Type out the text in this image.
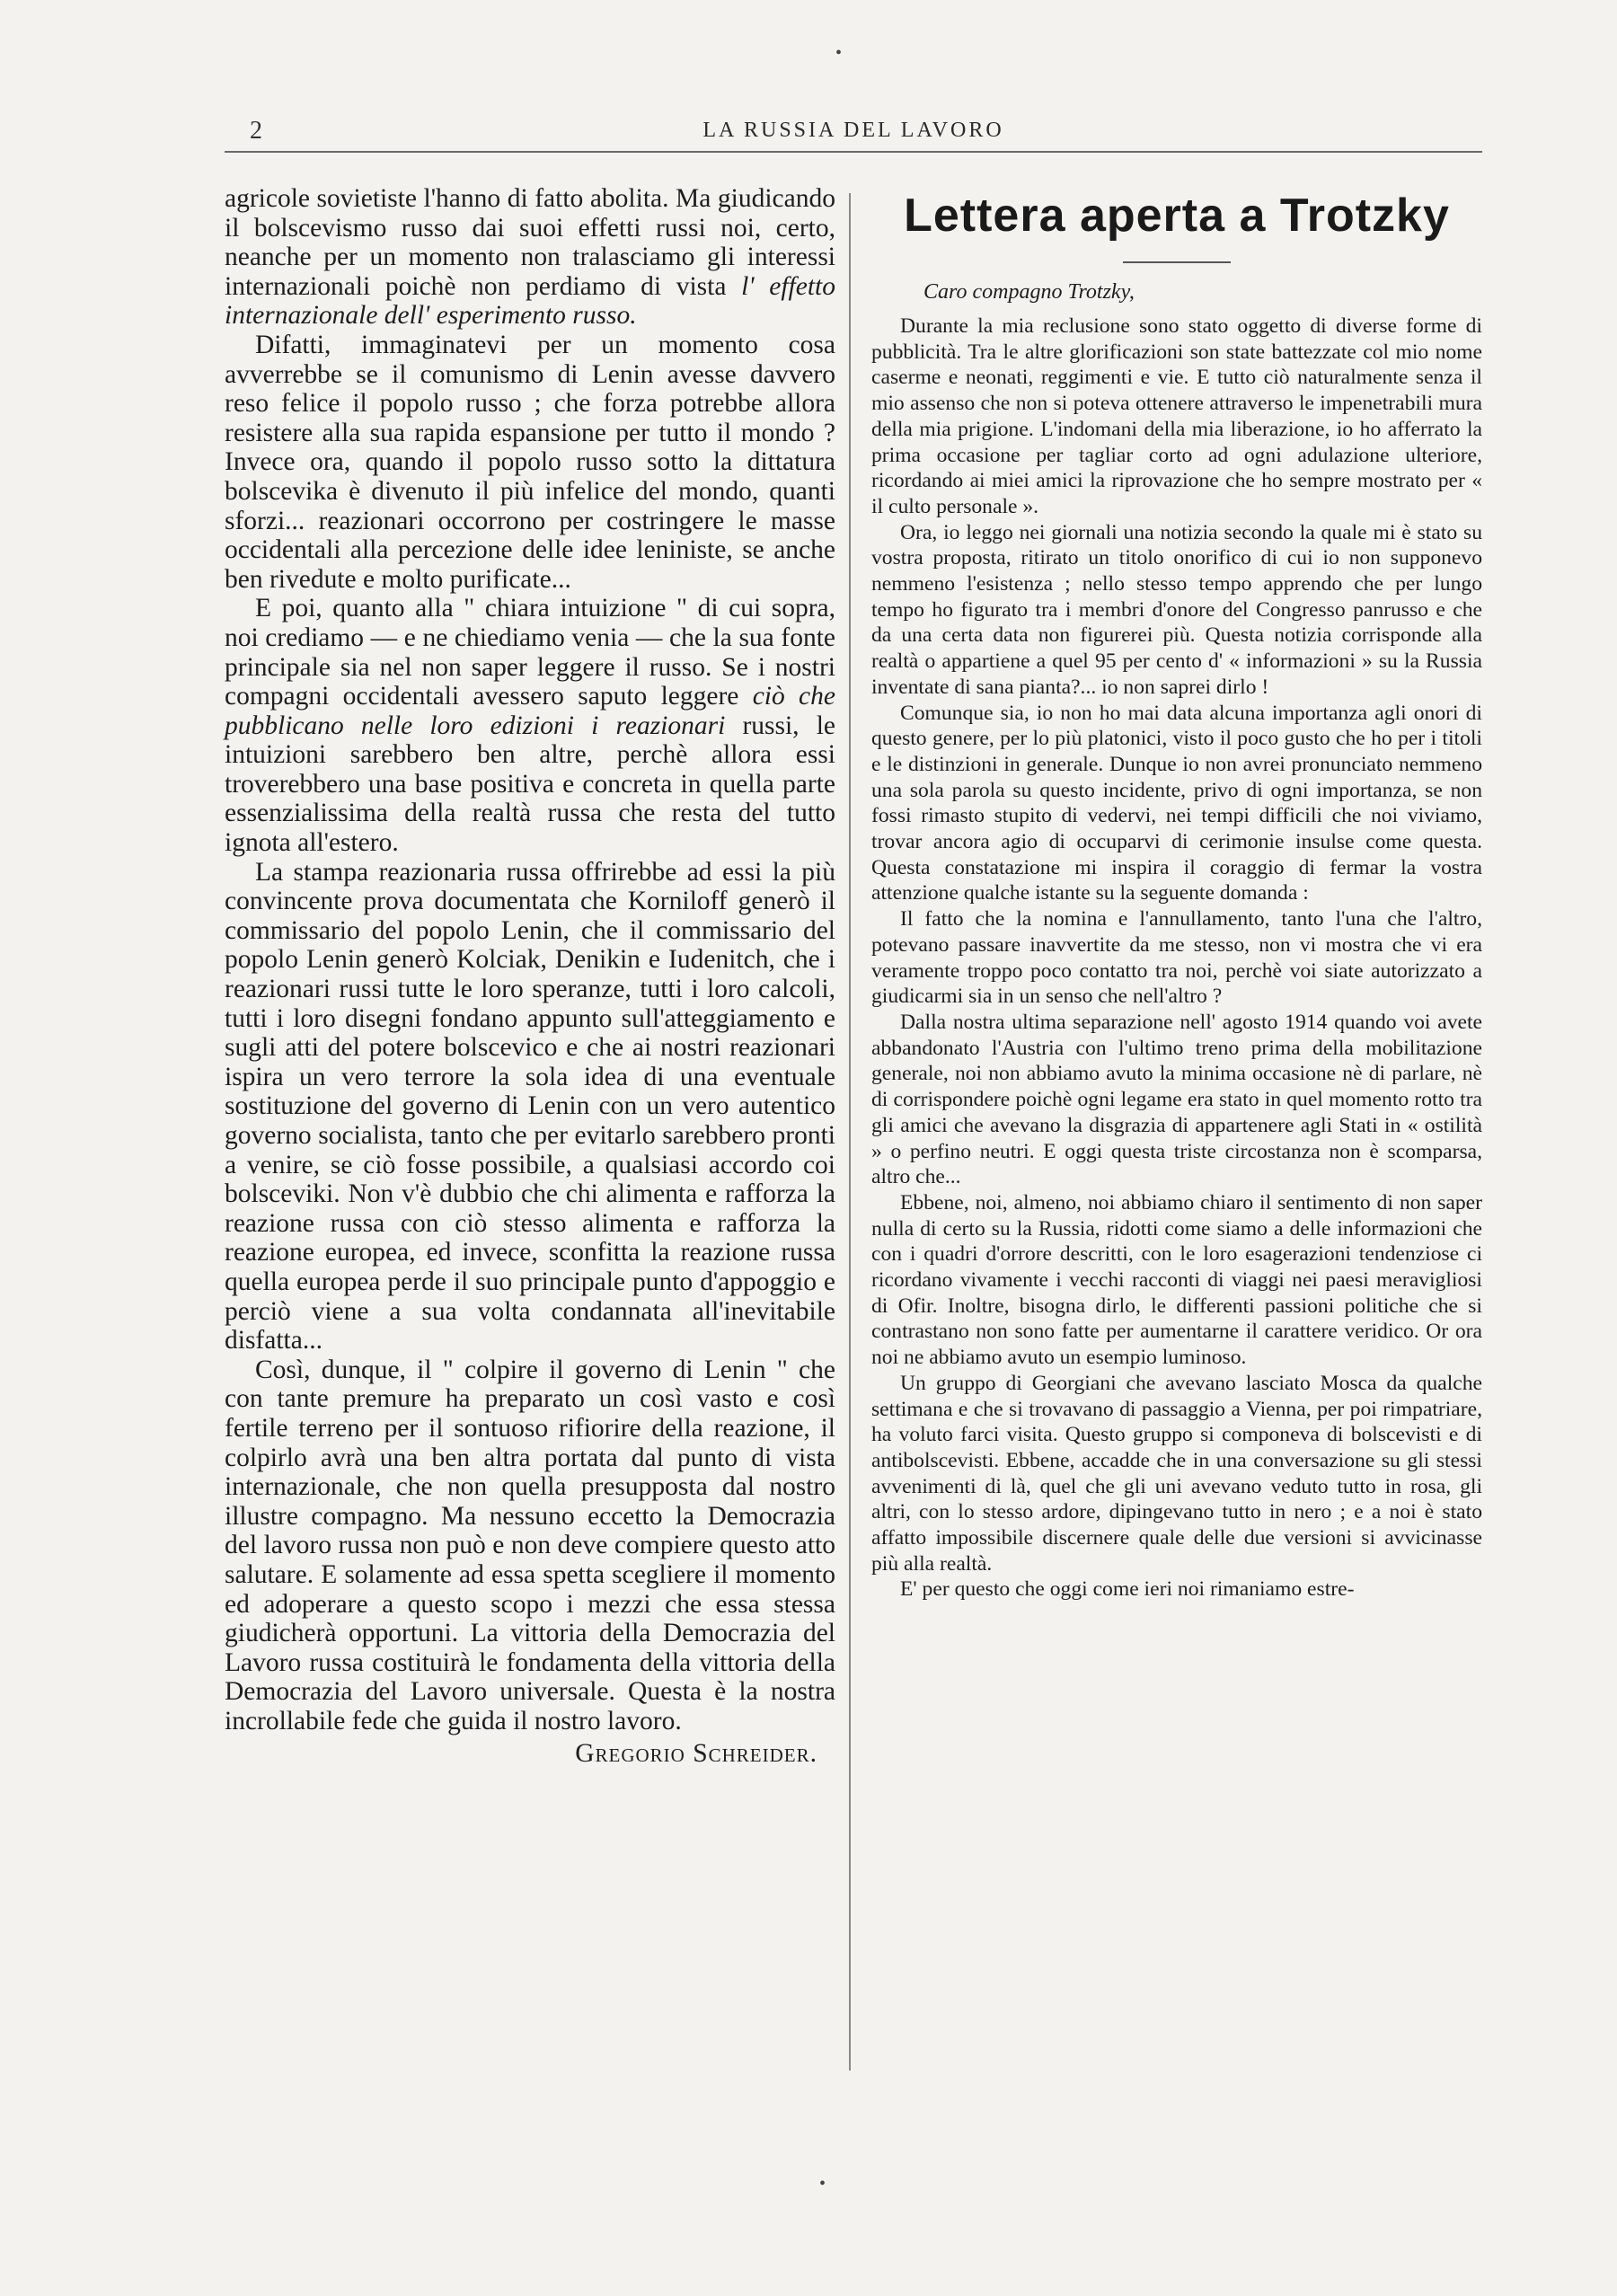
2	LA RUSSIA DEL LAVORO

agricole sovietiste l'hanno di fatto abolita. Ma giudicando il bolscevismo russo dai suoi effetti russi noi, certo, neanche per un momento non tralasciamo gli interessi internazionali poichè non perdiamo di vista l' effetto internazionale dell' esperimento russo.

Difatti, immaginatevi per un momento cosa avverrebbe se il comunismo di Lenin avesse davvero reso felice il popolo russo ; che forza potrebbe allora resistere alla sua rapida espansione per tutto il mondo ? Invece ora, quando il popolo russo sotto la dittatura bolscevika è divenuto il più infelice del mondo, quanti sforzi... reazionari occorrono per costringere le masse occidentali alla percezione delle idee leniniste, se anche ben rivedute e molto purificate...

E poi, quanto alla " chiara intuizione " di cui sopra, noi crediamo — e ne chiediamo venia — che la sua fonte principale sia nel non saper leggere il russo. Se i nostri compagni occidentali avessero saputo leggere ciò che pubblicano nelle loro edizioni i reazionari russi, le intuizioni sarebbero ben altre, perchè allora essi troverebbero una base positiva e concreta in quella parte essenzialissima della realtà russa che resta del tutto ignota all'estero.

La stampa reazionaria russa offrirebbe ad essi la più convincente prova documentata che Korniloff generò il commissario del popolo Lenin, che il commissario del popolo Lenin generò Kolciak, Denikin e Iudenitch, che i reazionari russi tutte le loro speranze, tutti i loro calcoli, tutti i loro disegni fondano appunto sull'atteggiamento e sugli atti del potere bolscevico e che ai nostri reazionari ispira un vero terrore la sola idea di una eventuale sostituzione del governo di Lenin con un vero autentico governo socialista, tanto che per evitarlo sarebbero pronti a venire, se ciò fosse possibile, a qualsiasi accordo coi bolsceviki. Non v'è dubbio che chi alimenta e rafforza la reazione russa con ciò stesso alimenta e rafforza la reazione europea, ed invece, sconfitta la reazione russa quella europea perde il suo principale punto d'appoggio e perciò viene a sua volta condannata all'inevitabile disfatta...

Così, dunque, il " colpire il governo di Lenin " che con tante premure ha preparato un così vasto e così fertile terreno per il sontuoso rifiorire della reazione, il colpirlo avrà una ben altra portata dal punto di vista internazionale, che non quella presupposta dal nostro illustre compagno. Ma nessuno eccetto la Democrazia del lavoro russa non può e non deve compiere questo atto salutare. E solamente ad essa spetta scegliere il momento ed adoperare a questo scopo i mezzi che essa stessa giudicherà opportuni. La vittoria della Democrazia del Lavoro russa costituirà le fondamenta della vittoria della Democrazia del Lavoro universale. Questa è la nostra incrollabile fede che guida il nostro lavoro.

Gregorio Schreider.
Lettera aperta a Trotzky
Caro compagno Trotzky,

Durante la mia reclusione sono stato oggetto di diverse forme di pubblicità. Tra le altre glorificazioni son state battezzate col mio nome caserme e neonati, reggimenti e vie. E tutto ciò naturalmente senza il mio assenso che non si poteva ottenere attraverso le impenetrabili mura della mia prigione. L'indomani della mia liberazione, io ho afferrato la prima occasione per tagliar corto ad ogni adulazione ulteriore, ricordando ai miei amici la riprovazione che ho sempre mostrato per « il culto personale ».

Ora, io leggo nei giornali una notizia secondo la quale mi è stato su vostra proposta, ritirato un titolo onorifico di cui io non supponevo nemmeno l'esistenza ; nello stesso tempo apprendo che per lungo tempo ho figurato tra i membri d'onore del Congresso panrusso e che da una certa data non figurerei più. Questa notizia corrisponde alla realtà o appartiene a quel 95 per cento d' « informazioni » su la Russia inventate di sana pianta?... io non saprei dirlo !

Comunque sia, io non ho mai data alcuna importanza agli onori di questo genere, per lo più platonici, visto il poco gusto che ho per i titoli e le distinzioni in generale. Dunque io non avrei pronunciato nemmeno una sola parola su questo incidente, privo di ogni importanza, se non fossi rimasto stupito di vedervi, nei tempi difficili che noi viviamo, trovar ancora agio di occuparvi di cerimonie insulse come questa. Questa constatazione mi inspira il coraggio di fermar la vostra attenzione qualche istante su la seguente domanda :

Il fatto che la nomina e l'annullamento, tanto l'una che l'altro, potevano passare inavvertite da me stesso, non vi mostra che vi era veramente troppo poco contatto tra noi, perchè voi siate autorizzato a giudicarmi sia in un senso che nell'altro ?

Dalla nostra ultima separazione nell' agosto 1914 quando voi avete abbandonato l'Austria con l'ultimo treno prima della mobilitazione generale, noi non abbiamo avuto la minima occasione nè di parlare, nè di corrispondere poichè ogni legame era stato in quel momento rotto tra gli amici che avevano la disgrazia di appartenere agli Stati in « ostilità » o perfino neutri. E oggi questa triste circostanza non è scomparsa, altro che...

Ebbene, noi, almeno, noi abbiamo chiaro il sentimento di non saper nulla di certo su la Russia, ridotti come siamo a delle informazioni che con i quadri d'orrore descritti, con le loro esagerazioni tendenziose ci ricordano vivamente i vecchi racconti di viaggi nei paesi meravigliosi di Ofir. Inoltre, bisogna dirlo, le differenti passioni politiche che si contrastano non sono fatte per aumentarne il carattere veridico. Or ora noi ne abbiamo avuto un esempio luminoso.

Un gruppo di Georgiani che avevano lasciato Mosca da qualche settimana e che si trovavano di passaggio a Vienna, per poi rimpatriare, ha voluto farci visita. Questo gruppo si componeva di bolscevisti e di antibolscevisti. Ebbene, accadde che in una conversazione su gli stessi avvenimenti di là, quel che gli uni avevano veduto tutto in rosa, gli altri, con lo stesso ardore, dipingevano tutto in nero ; e a noi è stato affatto impossibile discernere quale delle due versioni si avvicinasse più alla realtà.

E' per questo che oggi come ieri noi rimaniamo estre-

•
•
